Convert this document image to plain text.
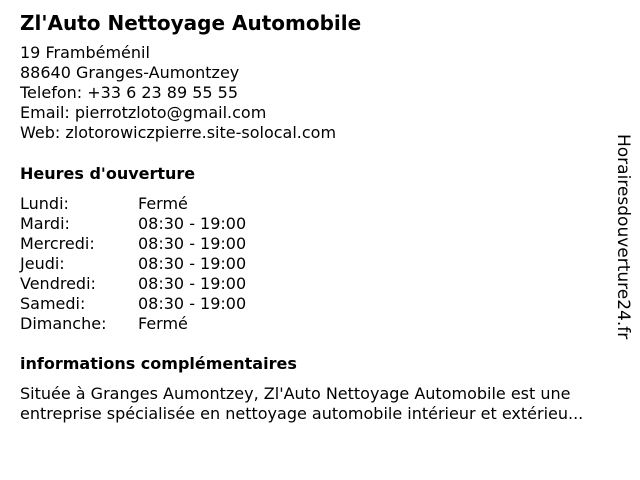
Zl'Auto Nettoyage Automobile
19 Frambéménil
88640 Granges-Aumontzey
Telefon: +33 6 23 89 55 55
Email: pierrotzloto@gmail.com
Web: zlotorowiczpierre.site-solocal.com
Heures d'ouverture
Lundi:	Fermé
Mardi:	08:30 - 19:00
Mercredi:	08:30 - 19:00
Jeudi:	08:30 - 19:00
Vendredi:	08:30 - 19:00
Samedi:	08:30 - 19:00
Dimanche: Fermé
informations complémentaires
Située à Granges Aumontzey, Zl'Auto Nettoyage Automobile est une
entreprise spécialisée en nettoyage automobile intérieur et extérieu...
Horairesdouverture24.fr
